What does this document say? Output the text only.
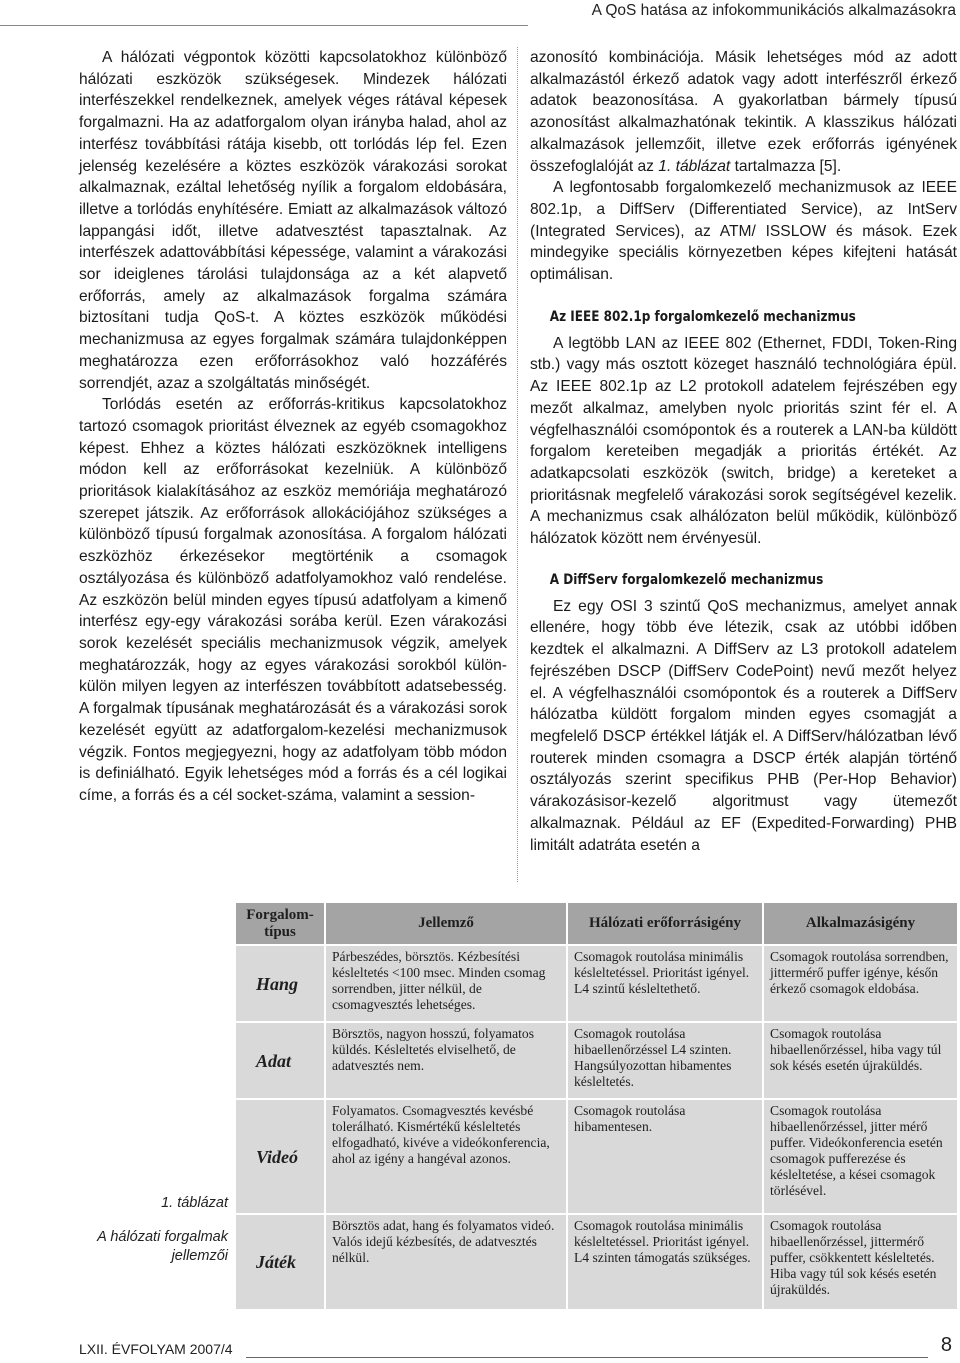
A QoS hatása az infokommunikációs alkalmazásokra

A hálózati végpontok közötti kapcsolatokhoz különböző hálózati eszközök szükségesek. Mindezek hálózati interfészekkel rendelkeznek, amelyek véges rátával képesek forgalmazni. Ha az adatforgalom olyan irányba halad, ahol az interfész továbbítási rátája kisebb, ott torlódás lép fel. Ezen jelenség kezelésére a köztes eszközök várakozási sorokat alkalmaznak, ezáltal lehetőség nyílik a forgalom eldobására, illetve a torlódás enyhítésére. Emiatt az alkalmazások változó lappangási időt, illetve adatvesztést tapasztalnak. Az interfészek adattovábbítási képessége, valamint a várakozási sor ideiglenes tárolási tulajdonsága az a két alapvető erőforrás, amely az alkalmazások forgalma számára biztosítani tudja QoS-t. A köztes eszközök működési mechanizmusa az egyes forgalmak számára tulajdonképpen meghatározza ezen erőforrásokhoz való hozzáférés sorrendjét, azaz a szolgáltatás minőségét.

Torlódás esetén az erőforrás-kritikus kapcsolatokhoz tartozó csomagok prioritást élveznek az egyéb csomagokhoz képest. Ehhez a köztes hálózati eszközöknek intelligens módon kell az erőforrásokat kezelniük. A különböző prioritások kialakításához az eszköz memóriája meghatározó szerepet játszik. Az erőforrások allokációjához szükséges a különböző típusú forgalmak azonosítása. A forgalom hálózati eszközhöz érkezésekor megtörténik a csomagok osztályozása és különböző adatfolyamokhoz való rendelése. Az eszközön belül minden egyes típusú adatfolyam a kimenő interfész egy-egy várakozási sorába kerül. Ezen várakozási sorok kezelését speciális mechanizmusok végzik, amelyek meghatározzák, hogy az egyes várakozási sorokból külön-külön milyen legyen az interfészen továbbított adatsebesség. A forgalmak típusának meghatározását és a várakozási sorok kezelését együtt az adatforgalom-kezelési mechanizmusok végzik. Fontos megjegyezni, hogy az adatfolyam több módon is definiálható. Egyik lehetséges mód a forrás és a cél logikai címe, a forrás és a cél socket-száma, valamint a session-

azonosító kombinációja. Másik lehetséges mód az adott alkalmazástól érkező adatok vagy adott interfészről érkező adatok beazonosítása. A gyakorlatban bármely típusú azonosítást alkalmazhatónak tekintik. A klasszikus hálózati alkalmazások jellemzőit, illetve ezek erőforrás igényének összefoglalóját az 1. táblázat tartalmazza [5].

A legfontosabb forgalomkezelő mechanizmusok az IEEE 802.1p, a DiffServ (Differentiated Service), az IntServ (Integrated Services), az ATM/ ISSLOW és mások. Ezek mindegyike speciális környezetben képes kifejteni hatását optimálisan.

Az IEEE 802.1p forgalomkezelő mechanizmus

A legtöbb LAN az IEEE 802 (Ethernet, FDDI, Token-Ring stb.) vagy más osztott közeget használó technológiára épül. Az IEEE 802.1p az L2 protokoll adatelem fejrészében egy mezőt alkalmaz, amelyben nyolc prioritás szint fér el. A végfelhasználói csomópontok és a routerek a LAN-ba küldött forgalom kereteiben megadják a prioritás értékét. Az adatkapcsolati eszközök (switch, bridge) a kereteket a prioritásnak megfelelő várakozási sorok segítségével kezelik. A mechanizmus csak alhálózaton belül működik, különböző hálózatok között nem érvényesül.

A DiffServ forgalomkezelő mechanizmus

Ez egy OSI 3 szintű QoS mechanizmus, amelyet annak ellenére, hogy több éve létezik, csak az utóbbi időben kezdtek el alkalmazni. A DiffServ az L3 protokoll adatelem fejrészében DSCP (DiffServ CodePoint) nevű mezőt helyez el. A végfelhasználói csomópontok és a routerek a DiffServ hálózatba küldött forgalom minden egyes csomagját a megfelelő DSCP értékkel látják el. A DiffServ/hálózatban lévő routerek minden csomagra a DSCP érték alapján történő osztályozás szerint specifikus PHB (Per-Hop Behavior) várakozásisor-kezelő algoritmust vagy ütemezőt alkalmaznak. Például az EF (Expedited-Forwarding) PHB limitált adatráta esetén a

1. táblázat
A hálózati forgalmak jellemzői
Forgalom-típus	Jellemző	Hálózati erőforrásigény	Alkalmazásigény
Hang	Párbeszédes, börsztös. Kézbesítési késleltetés <100 msec. Minden csomag sorrendben, jitter nélkül, de csomagvesztés lehetséges.	Csomagok routolása minimális késleltetéssel. Prioritást igényel. L4 szintű késleltethető.	Csomagok routolása sorrendben, jittermérő puffer igénye, későn érkező csomagok eldobása.
Adat	Börsztös, nagyon hosszú, folyamatos küldés. Késleltetés elviselhető, de adatvesztés nem.	Csomagok routolása hibaellenőrzéssel L4 szinten. Hangsúlyozottan hibamentes késleltetés.	Csomagok routolása hibaellenőrzéssel, hiba vagy túl sok késés esetén újraküldés.
Videó	Folyamatos. Csomagvesztés kevésbé tolerálható. Kismértékű késleltetés elfogadható, kivéve a videókonferencia, ahol az igény a hangéval azonos.	Csomagok routolása hibamentesen.	Csomagok routolása hibaellenőrzéssel, jitter mérő puffer. Videókonferencia esetén csomagok pufferezése és késleltetése, a kései csomagok törlésével.
Játék	Börsztös adat, hang és folyamatos videó. Valós idejű kézbesítés, de adatvesztés nélkül.	Csomagok routolása minimális késleltetéssel. Prioritást igényel. L4 szinten támogatás szükséges.	Csomagok routolása hibaellenőrzéssel, jittermérő puffer, csökkentett késleltetés. Hiba vagy túl sok késés esetén újraküldés.
LXII. ÉVFOLYAM 2007/4	8
